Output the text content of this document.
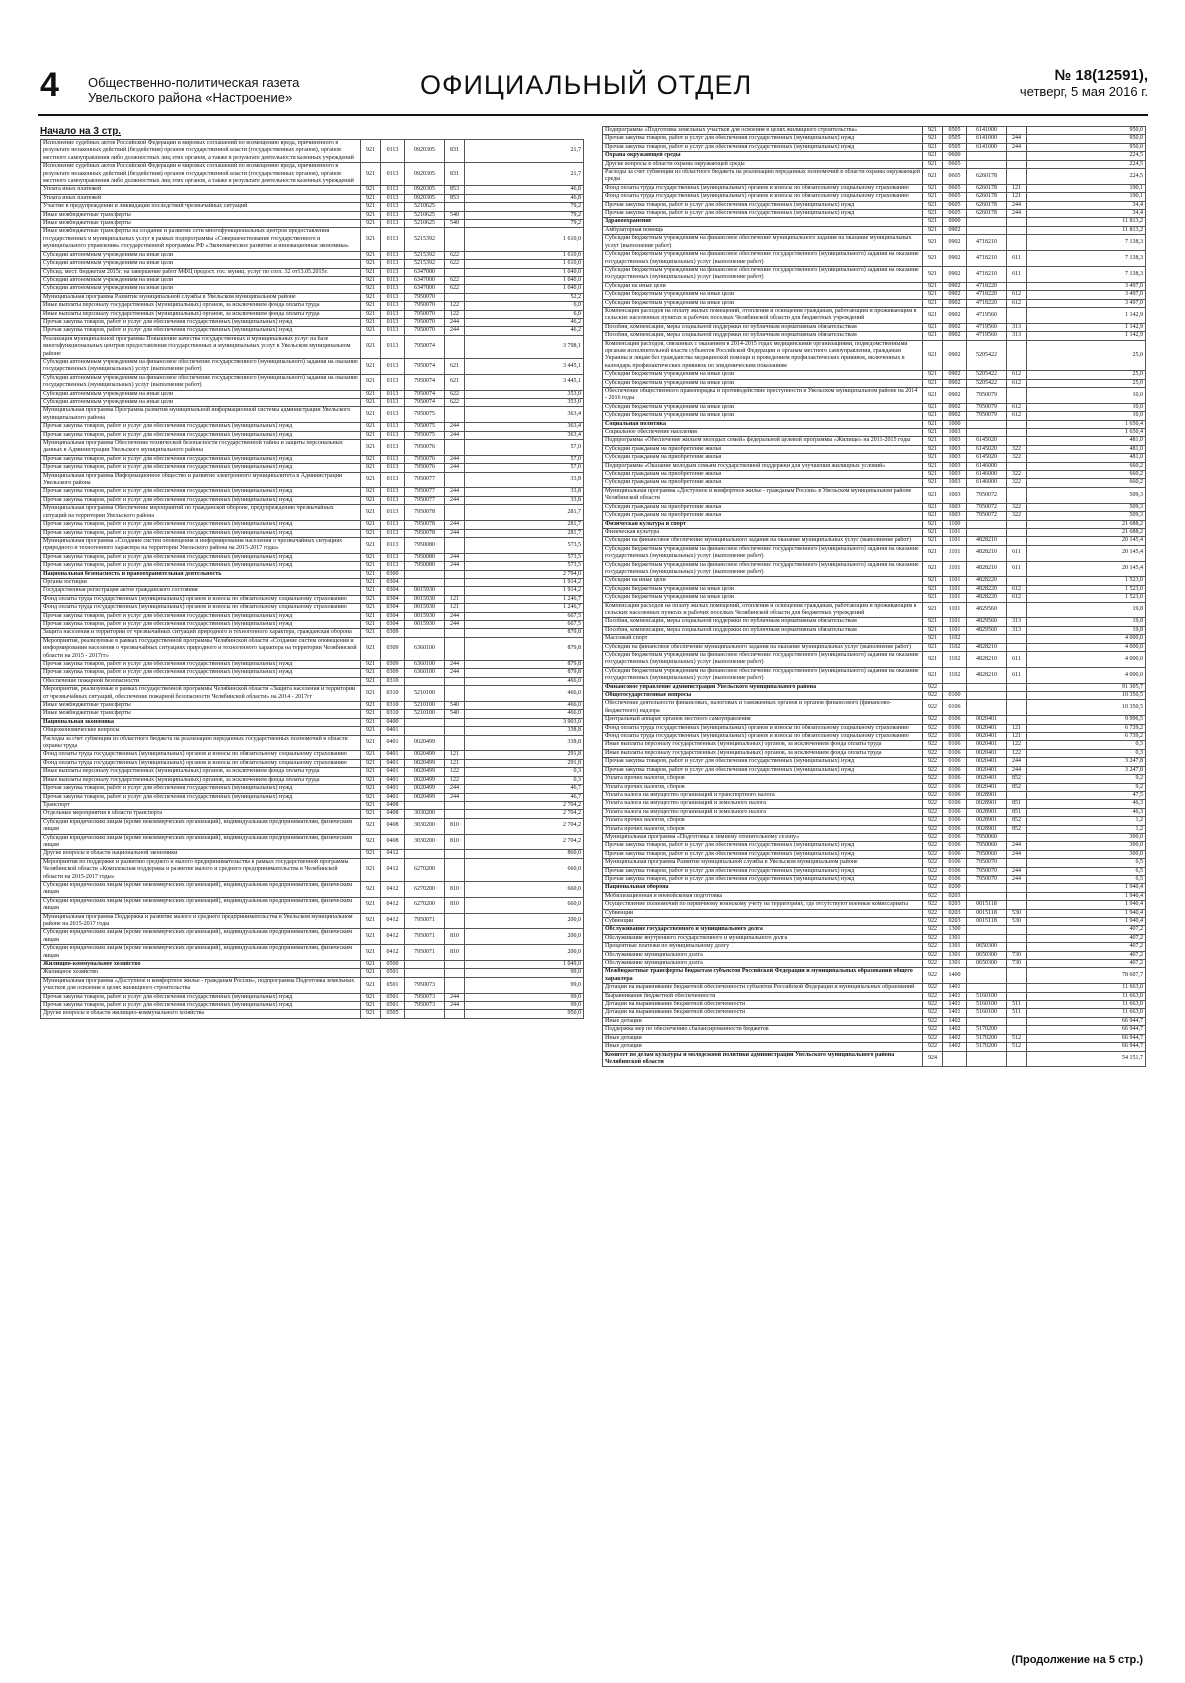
4 Общественно-политическая газета
Увельского района «Настроение»	ОФИЦИАЛЬНЫЙ ОТДЕЛ	№ 18(12591),
четверг, 5 мая 2016 г.
Начало на 3 стр.
Исполнение судебных актов Российской Федерации и мировых соглашений по возмещению вреда, причиненного в результате незаконных действий (бездействия) органов государственной власти (государственных органов), органов местного самоуправления либо должностных лиц этих органов, а также в результате деятельности казенных учреждений	921	0113	0920305	831	21,7
Исполнение судебных актов Российской Федерации и мировых соглашений по возмещению вреда, причиненного в результате незаконных действий (бездействия) органов государственной власти (государственных органов), органов местного самоуправления либо должностных лиц этих органов, а также в результате деятельности казенных учреждений	921	0113	0920305	831	21,7
Уплата иных платежей	921	0113	0920305	853	46,8
Уплата иных платежей	921	0113	0920305	853	46,8
Участие в предупреждении и ликвидации последствий чрезвычайных ситуаций	921	0113	5210625		79,2
Иные межбюджетные трансферты	921	0113	5210625	540	79,2
Иные межбюджетные трансферты	921	0113	5210625	540	79,2
Иные межбюджетные трансферты на создание и развитие сети многофункциональных центров предоставления государственных и муниципальных услуг в рамках подпрограммы «Совершенствование государственного и муниципального управления» государственной программы РФ «Экономическое развитие и инновационная экономика»	921	0113	5215392		1 610,0
Субсидии автономным учреждениям на иные цели	921	0113	5215392	622	1 610,0
Субсидии автономным учреждениям на иные цели	921	0113	5215392	622	1 610,0
Субсид. мест. бюджетам 2015г. на завершение работ МФЦ предост. гос. муниц. услуг по согл. 32 от13.05.2015г.	921	0113	6347000		1 040,0
Субсидии автономным учреждениям на иные цели	921	0113	6347000	622	1 040,0
Субсидии автономным учреждениям на иные цели	921	0113	6347000	622	1 040,0
Муниципальная программа Развитие муниципальной службы в Увельском муниципальном районе	921	0113	7950070		52,2
Иные выплаты персоналу государственных (муниципальных) органов, за исключением фонда оплаты труда	921	0113	7950070	122	6,0
Иные выплаты персоналу государственных (муниципальных) органов, за исключением фонда оплаты труда	921	0113	7950070	122	6,0
Прочая закупка товаров, работ и услуг для обеспечения государственных (муниципальных) нужд	921	0113	7950070	244	46,2
Прочая закупка товаров, работ и услуг для обеспечения государственных (муниципальных) нужд	921	0113	7950070	244	46,2
Реализация муниципальной программы Повышение качества государственных и муниципальных услуг на базе многофункциональных центров предоставления государственных и муниципальных услуг в Увельском муниципальном районе	921	0113	7950074		3 798,1
Субсидии автономным учреждениям на финансовое обеспечение государственного (муниципального) задания на оказание государственных (муниципальных) услуг (выполнение работ)	921	0113	7950074	621	3 445,1
Субсидии автономным учреждениям на финансовое обеспечение государственного (муниципального) задания на оказание государственных (муниципальных) услуг (выполнение работ)	921	0113	7950074	621	3 445,1
Субсидии автономным учреждениям на иные цели	921	0113	7950074	622	353,0
Субсидии автономным учреждениям на иные цели	921	0113	7950074	622	353,0
Муниципальная программа Программа развития муниципальной информационной системы администрации Увельского муниципального района	921	0113	7950075		363,4
Прочая закупка товаров, работ и услуг для обеспечения государственных (муниципальных) нужд	921	0113	7950075	244	363,4
Прочая закупка товаров, работ и услуг для обеспечения государственных (муниципальных) нужд	921	0113	7950075	244	363,4
Муниципальная программа Обеспечение технической безопасности государственной тайны и защиты персональных данных в Администрации Увельского муниципального района	921	0113	7950076		57,0
Прочая закупка товаров, работ и услуг для обеспечения государственных (муниципальных) нужд	921	0113	7950076	244	57,0
Прочая закупка товаров, работ и услуг для обеспечения государственных (муниципальных) нужд	921	0113	7950076	244	57,0
Муниципальная программа Информационное общество и развитие электронного муниципалитета в Администрации Увельского района	921	0113	7950077		33,8
Прочая закупка товаров, работ и услуг для обеспечения государственных (муниципальных) нужд	921	0113	7950077	244	33,8
Прочая закупка товаров, работ и услуг для обеспечения государственных (муниципальных) нужд	921	0113	7950077	244	33,8
Муниципальная программа Обеспечение мероприятий по гражданской обороне, предупреждению чрезвычайных ситуаций на территории Увельского района	921	0113	7950078		281,7
Прочая закупка товаров, работ и услуг для обеспечения государственных (муниципальных) нужд	921	0113	7950078	244	281,7
Прочая закупка товаров, работ и услуг для обеспечения государственных (муниципальных) нужд	921	0113	7950078	244	281,7
Муниципальная программа «Создание систем оповещения и информирования населения о чрезвычайных ситуациях природного и техногенного характера на территории Увельского района на 2015-2017 годы»	921	0113	7950080		573,5
Прочая закупка товаров, работ и услуг для обеспечения государственных (муниципальных) нужд	921	0113	7950080	244	573,5
Прочая закупка товаров, работ и услуг для обеспечения государственных (муниципальных) нужд	921	0113	7950080	244	573,5
Национальная безопасность и правоохранительная деятельность	921	0300			2 794,0
Органы юстиции	921	0304			1 914,2
Государственная регистрация актов гражданского состояния	921	0304	0015930		1 914,2
Фонд оплаты труда государственных (муниципальных) органов и взносы по обязательному социальному страхованию	921	0304	0015930	121	1 246,7
Фонд оплаты труда государственных (муниципальных) органов и взносы по обязательному социальному страхованию	921	0304	0015930	121	1 246,7
Прочая закупка товаров, работ и услуг для обеспечения государственных (муниципальных) нужд	921	0304	0015930	244	667,5
Прочая закупка товаров, работ и услуг для обеспечения государственных (муниципальных) нужд	921	0304	0015930	244	667,5
Защита населения и территории от чрезвычайных ситуаций природного и техногенного характера, гражданская оборона	921	0309			879,8
Мероприятия, реализуемые в рамках государственной программы Челябинской области «Создание систем оповещения и информирования населения о чрезвычайных ситуациях природного и техногенного характера на территории Челябинской области на 2015 - 2017гг»	921	0309	6360100		879,8
Прочая закупка товаров, работ и услуг для обеспечения государственных (муниципальных) нужд	921	0309	6360100	244	879,8
Прочая закупка товаров, работ и услуг для обеспечения государственных (муниципальных) нужд	921	0309	6360100	244	879,8
Обеспечение пожарной безопасности	921	0310			466,0
Мероприятия, реализуемые в рамках государственной программы Челябинской области «Защита населения и территории от чрезвычайных ситуаций, обеспечение пожарной безопасности Челябинской области» на 2014 - 2017гг	921	0310	5210100		466,0
Иные межбюджетные трансферты	921	0310	5210100	540	466,0
Иные межбюджетные трансферты	921	0310	5210100	540	466,0
Национальная экономика	921	0400			3 903,0
Общеэкономические вопросы	921	0401			338,8
Расходы за счет субвенции из областного бюджета на реализацию переданных государственных полномочий в области охраны труда	921	0401	0020499		338,8
Фонд оплаты труда государственных (муниципальных) органов и взносы по обязательному социальному страхованию	921	0401	0020499	121	291,8
Фонд оплаты труда государственных (муниципальных) органов и взносы по обязательному социальному страхованию	921	0401	0020499	121	291,8
Иные выплаты персоналу государственных (муниципальных) органов, за исключением фонда оплаты труда	921	0401	0020499	122	0,3
Иные выплаты персоналу государственных (муниципальных) органов, за исключением фонда оплаты труда	921	0401	0020499	122	0,3
Прочая закупка товаров, работ и услуг для обеспечения государственных (муниципальных) нужд	921	0401	0020499	244	46,7
Прочая закупка товаров, работ и услуг для обеспечения государственных (муниципальных) нужд	921	0401	0020499	244	46,7
Транспорт	921	0408			2 704,2
Отдельные мероприятия в области транспорта	921	0408	3030200		2 704,2
Субсидии юридическим лицам (кроме некоммерческих организаций), индивидуальным предпринимателям, физическим лицам	921	0408	3030200	810	2 704,2
Субсидии юридическим лицам (кроме некоммерческих организаций), индивидуальным предпринимателям, физическим лицам	921	0408	3030200	810	2 704,2
Другие вопросы в области национальной экономики	921	0412			860,0
Мероприятия по поддержке и развитию среднего и малого предпринимательства в рамках государственной программы Челябинской области «Комплексная поддержка и развитие малого и среднего предпринимательства в Челябинской области на 2015-2017 годы»	921	0412	6270200		660,0
Субсидии юридическим лицам (кроме некоммерческих организаций), индивидуальным предпринимателям, физическим лицам	921	0412	6270200	810	660,0
Субсидии юридическим лицам (кроме некоммерческих организаций), индивидуальным предпринимателям, физическим лицам	921	0412	6270200	810	660,0
Муниципальная программа Поддержка и развитие малого и среднего предпринимательства в Увельском муниципальном районе на 2015-2017 годы	921	0412	7950071		200,0
Субсидии юридическим лицам (кроме некоммерческих организаций), индивидуальным предпринимателям, физическим лицам	921	0412	7950071	810	200,0
Субсидии юридическим лицам (кроме некоммерческих организаций), индивидуальным предпринимателям, физическим лицам	921	0412	7950071	810	200,0
Жилищно-коммунальное хозяйство	921	0500			1 049,0
Жилищное хозяйство	921	0501			99,0
Муниципальная программа «Доступное и комфортное жилье - гражданам России», подпрограмма Подготовка земельных участков для освоения в целях жилищного строительства	921	0501	7950073		99,0
Прочая закупка товаров, работ и услуг для обеспечения государственных (муниципальных) нужд	921	0501	7950073	244	99,0
Прочая закупка товаров, работ и услуг для обеспечения государственных (муниципальных) нужд	921	0501	7950073	244	99,0
Другие вопросы в области жилищно-коммунального хозяйства	921	0505			950,0
Подпрограмма «Подготовка земельных участков для освоения в целях жилищного строительства»	921	0505	6141000		950,0
Прочая закупка товаров, работ и услуг для обеспечения государственных (муниципальных) нужд	921	0505	6141000	244	950,0
Прочая закупка товаров, работ и услуг для обеспечения государственных (муниципальных) нужд	921	0505	6141000	244	950,0
Охрана окружающей среды	921	0600			224,5
Другие вопросы в области охраны окружающей среды	921	0605			224,5
Расходы за счет субвенции из областного бюджета на реализацию переданных полномочий в области охраны окружающей среды	921	0605	6260178		224,5
Фонд оплаты труда государственных (муниципальных) органов и взносы по обязательному социальному страхованию	921	0605	6260178	121	190,1
Фонд оплаты труда государственных (муниципальных) органов и взносы по обязательному социальному страхованию	921	0605	6260178	121	190,1
Прочая закупка товаров, работ и услуг для обеспечения государственных (муниципальных) нужд	921	0605	6260178	244	34,4
Прочая закупка товаров, работ и услуг для обеспечения государственных (муниципальных) нужд	921	0605	6260178	244	34,4
Здравоохранение	921	0900			11 813,2
Амбулаторная помощь	921	0902			11 813,2
Субсидии бюджетным учреждениям на финансовое обеспечение муниципального задания на оказание муниципальных услуг (выполнение работ)	921	0902	4718210		7 138,3
Субсидии бюджетным учреждениям на финансовое обеспечение государственного (муниципального) задания на оказание государственных (муниципальных) услуг (выполнение работ)	921	0902	4718210	611	7 138,3
Субсидии бюджетным учреждениям на финансовое обеспечение государственного (муниципального) задания на оказание государственных (муниципальных) услуг (выполнение работ)	921	0902	4718210	611	7 138,3
Субсидии на иные цели	921	0902	4718220		3 497,0
Субсидии бюджетным учреждениям на иные цели	921	0902	4718220	612	3 497,0
Субсидии бюджетным учреждениям на иные цели	921	0902	4718220	612	3 497,0
Компенсация расходов на оплату жилых помещений, отопления и освещения гражданам, работающим и проживающим в сельских населенных пунктах и рабочих поселках Челябинской области для бюджетных учреждений	921	0902	4719560		1 142,9
Пособия, компенсации, меры социальной поддержки по публичным нормативным обязательствам	921	0902	4719560	313	1 142,9
Пособия, компенсации, меры социальной поддержки по публичным нормативным обязательствам	921	0902	4719560	313	1 142,9
Компенсация расходов, связанных с оказанием в 2014-2015 годах медицинскими организациями, подведомственными органам исполнительной власти субъектов Российской Федерации и органам местного самоуправления, гражданам Украины и лицам без гражданства медицинской помощи и проведением профилактических прививок, включенных в календарь профилактических прививок по эпидемическим показаниям	921	0902	5205422		25,0
Субсидии бюджетным учреждениям на иные цели	921	0902	5205422	612	25,0
Субсидии бюджетным учреждениям на иные цели	921	0902	5205422	612	25,0
Обеспечение общественного правопорядка и противодействие преступности в Увельском муниципальном районе на 2014 - 2016 годы	921	0902	7950079		10,0
Субсидии бюджетным учреждениям на иные цели	921	0902	7950079	612	10,0
Субсидии бюджетным учреждениям на иные цели	921	0902	7950079	612	10,0
Социальная политика	921	1000			1 650,4
Социальное обеспечение населения	921	1003			1 650,4
Подпрограмма «Обеспечение жильем молодых семей» федеральной целевой программы «Жилище» на 2011-2015 годы	921	1003	6145020		481,0
Субсидии гражданам на приобретение жилья	921	1003	6145020	322	481,0
Субсидии гражданам на приобретение жилья	921	1003	6145020	322	481,0
Подпрограмма «Оказание молодым семьям государственной поддержки для улучшения жилищных условий»	921	1003	6146000		660,2
Субсидии гражданам на приобретение жилья	921	1003	6146000	322	660,2
Субсидии гражданам на приобретение жилья	921	1003	6146000	322	660,2
Муниципальная программа «Доступное и комфортное жилье - гражданам России» в Увельском муниципальном районе Челябинской области	921	1003	7950072		509,3
Субсидии гражданам на приобретение жилья	921	1003	7950072	322	509,3
Субсидии гражданам на приобретение жилья	921	1003	7950072	322	509,3
Физическая культура и спорт	921	1100			21 688,2
Физическая культура	921	1101			21 688,2
Субсидии на финансовое обеспечение муниципального задания на оказание муниципальных услуг (выполнение работ)	921	1101	4828210		20 145,4
Субсидии бюджетным учреждениям на финансовое обеспечение государственного (муниципального) задания на оказание государственных (муниципальных) услуг (выполнение работ)	921	1101	4828210	611	20 145,4
Субсидии бюджетным учреждениям на финансовое обеспечение государственного (муниципального) задания на оказание государственных (муниципальных) услуг (выполнение работ)	921	1101	4828210	611	20 145,4
Субсидии на иные цели	921	1101	4828220		1 523,0
Субсидии бюджетным учреждениям на иные цели	921	1101	4828220	612	1 523,0
Субсидии бюджетным учреждениям на иные цели	921	1101	4828220	612	1 523,0
Компенсация расходов на оплату жилых помещений, отопления и освещения гражданам, работающим и проживающим в сельских населенных пунктах и рабочих поселках Челябинской области для бюджетных учреждений	921	1101	4829560		19,8
Пособия, компенсации, меры социальной поддержки по публичным нормативным обязательствам	921	1101	4829560	313	19,8
Пособия, компенсации, меры социальной поддержки по публичным нормативным обязательствам	921	1101	4829560	313	19,8
Массовый спорт	921	1102			4 000,0
Субсидии на финансовое обеспечение муниципального задания на оказание муниципальных услуг (выполнение работ)	921	1102	4828210		4 000,0
Субсидии бюджетным учреждениям на финансовое обеспечение государственного (муниципального) задания на оказание государственных (муниципальных) услуг (выполнение работ)	921	1102	4828210	611	4 000,0
Субсидии бюджетным учреждениям на финансовое обеспечение государственного (муниципального) задания на оказание государственных (муниципальных) услуг (выполнение работ)	921	1102	4828210	611	4 000,0
Финансовое управление администрации Увельского муниципального района	922				91 305,7
Общегосударственные вопросы	922	0100			10 350,5
Обеспечение деятельности финансовых, налоговых и таможенных органов и органов финансового (финансово-бюджетного) надзора	922	0106			10 350,5
Центральный аппарат органов местного самоуправления	922	0106	0020401		9 996,5
Фонд оплаты труда государственных (муниципальных) органов и взносы по обязательному социальному страхованию	922	0106	0020401	121	6 739,2
Фонд оплаты труда государственных (муниципальных) органов и взносы по обязательному социальному страхованию	922	0106	0020401	121	6 739,2
Иные выплаты персоналу государственных (муниципальных) органов, за исключением фонда оплаты труда	922	0106	0020401	122	0,3
Иные выплаты персоналу государственных (муниципальных) органов, за исключением фонда оплаты труда	922	0106	0020401	122	0,3
Прочая закупка товаров, работ и услуг для обеспечения государственных (муниципальных) нужд	922	0106	0020401	244	3 247,8
Прочая закупка товаров, работ и услуг для обеспечения государственных (муниципальных) нужд	922	0106	0020401	244	3 247,8
Уплата прочих налогов, сборов	922	0106	0020401	852	9,2
Уплата прочих налогов, сборов	922	0106	0020401	852	9,2
Уплата налога на имущество организаций и транспортного налога	922	0106	0028901		47,5
Уплата налога на имущество организаций и земельного налога	922	0106	0028901	851	46,3
Уплата налога на имущество организаций и земельного налога	922	0106	0028901	851	46,3
Уплата прочих налогов, сборов	922	0106	0028901	852	1,2
Уплата прочих налогов, сборов	922	0106	0028901	852	1,2
Муниципальная программа «Подготовка к зимнему отопительному сезону»	922	0106	7950060		300,0
Прочая закупка товаров, работ и услуг для обеспечения государственных (муниципальных) нужд	922	0106	7950060	244	300,0
Прочая закупка товаров, работ и услуг для обеспечения государственных (муниципальных) нужд	922	0106	7950060	244	300,0
Муниципальная программа Развитие муниципальной службы в Увельском муниципальном районе	922	0106	7950070		6,5
Прочая закупка товаров, работ и услуг для обеспечения государственных (муниципальных) нужд	922	0106	7950070	244	6,5
Прочая закупка товаров, работ и услуг для обеспечения государственных (муниципальных) нужд	922	0106	7950070	244	6,5
Национальная оборона	922	0200			1 940,4
Мобилизационная и вневойсковая подготовка	922	0203			1 940,4
Осуществление полномочий по первичному воинскому учету на территориях, где отсутствуют военные комиссариаты	922	0203	0015118		1 940,4
Субвенции	922	0203	0015118	530	1 940,4
Субвенции	922	0203	0015118	530	1 940,4
Обслуживание государственного и муниципального долга	922	1300			407,2
Обслуживание внутреннего государственного и муниципального долга	922	1301			407,2
Процентные платежи по муниципальному долгу	922	1301	0650300		407,2
Обслуживание муниципального долга	922	1301	0650300	730	407,2
Обслуживание муниципального долга	922	1301	0650300	730	407,2
Межбюджетные трансферты бюджетам субъектов Российской Федерации и муниципальных образований общего характера	922	1400			78 607,7
Дотации на выравнивание бюджетной обеспеченности субъектов Российской Федерации и муниципальных образований	922	1401			11 663,0
Выравнивание бюджетной обеспеченности	922	1401	5160100		11 663,0
Дотации на выравнивание бюджетной обеспеченности	922	1401	5160100	511	11 663,0
Дотации на выравнивание бюджетной обеспеченности	922	1401	5160100	511	11 663,0
Иные дотации	922	1402			66 944,7
Поддержка мер по обеспечению сбалансированности бюджетов	922	1402	5170200		66 944,7
Иные дотации	922	1402	5170200	512	66 944,7
Иные дотации	922	1402	5170200	512	66 944,7
Комитет по делам культуры и молодежной политики администрации Увельского муниципального района Челябинской области	924				54 151,7
(Продолжение на 5 стр.)
